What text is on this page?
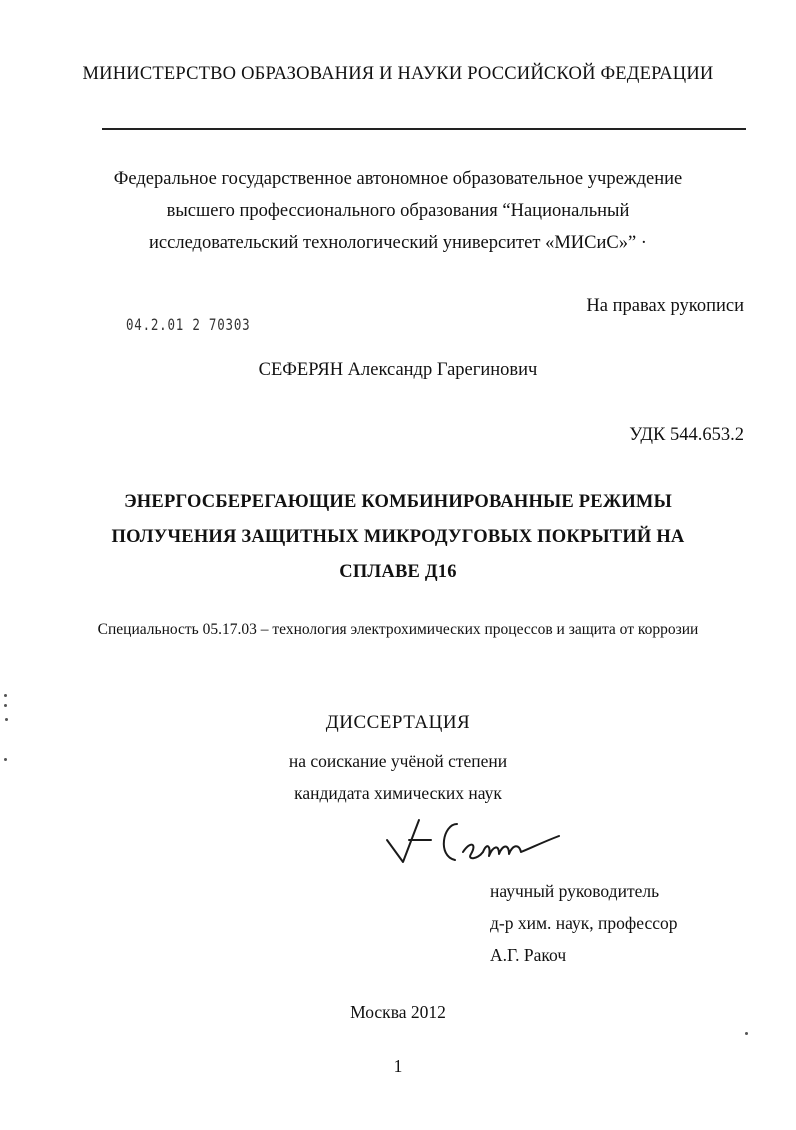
МИНИСТЕРСТВО ОБРАЗОВАНИЯ И НАУКИ РОССИЙСКОЙ ФЕДЕРАЦИИ
Федеральное государственное автономное образовательное учреждение
высшего профессионального образования “Национальный
исследовательский технологический университет «МИСиС»” ·
На правах рукописи
04.2.01 2 70303
СЕФЕРЯН Александр Гарегинович
УДК 544.653.2
ЭНЕРГОСБЕРЕГАЮЩИЕ КОМБИНИРОВАННЫЕ РЕЖИМЫ
ПОЛУЧЕНИЯ ЗАЩИТНЫХ МИКРОДУГОВЫХ ПОКРЫТИЙ НА
СПЛАВЕ Д16
Специальность 05.17.03 – технология электрохимических процессов и защита от коррозии
ДИССЕРТАЦИЯ
на соискание учёной степени
кандидата химических наук
научный руководитель
д-р хим. наук, профессор
А.Г. Ракоч
Москва 2012
1
